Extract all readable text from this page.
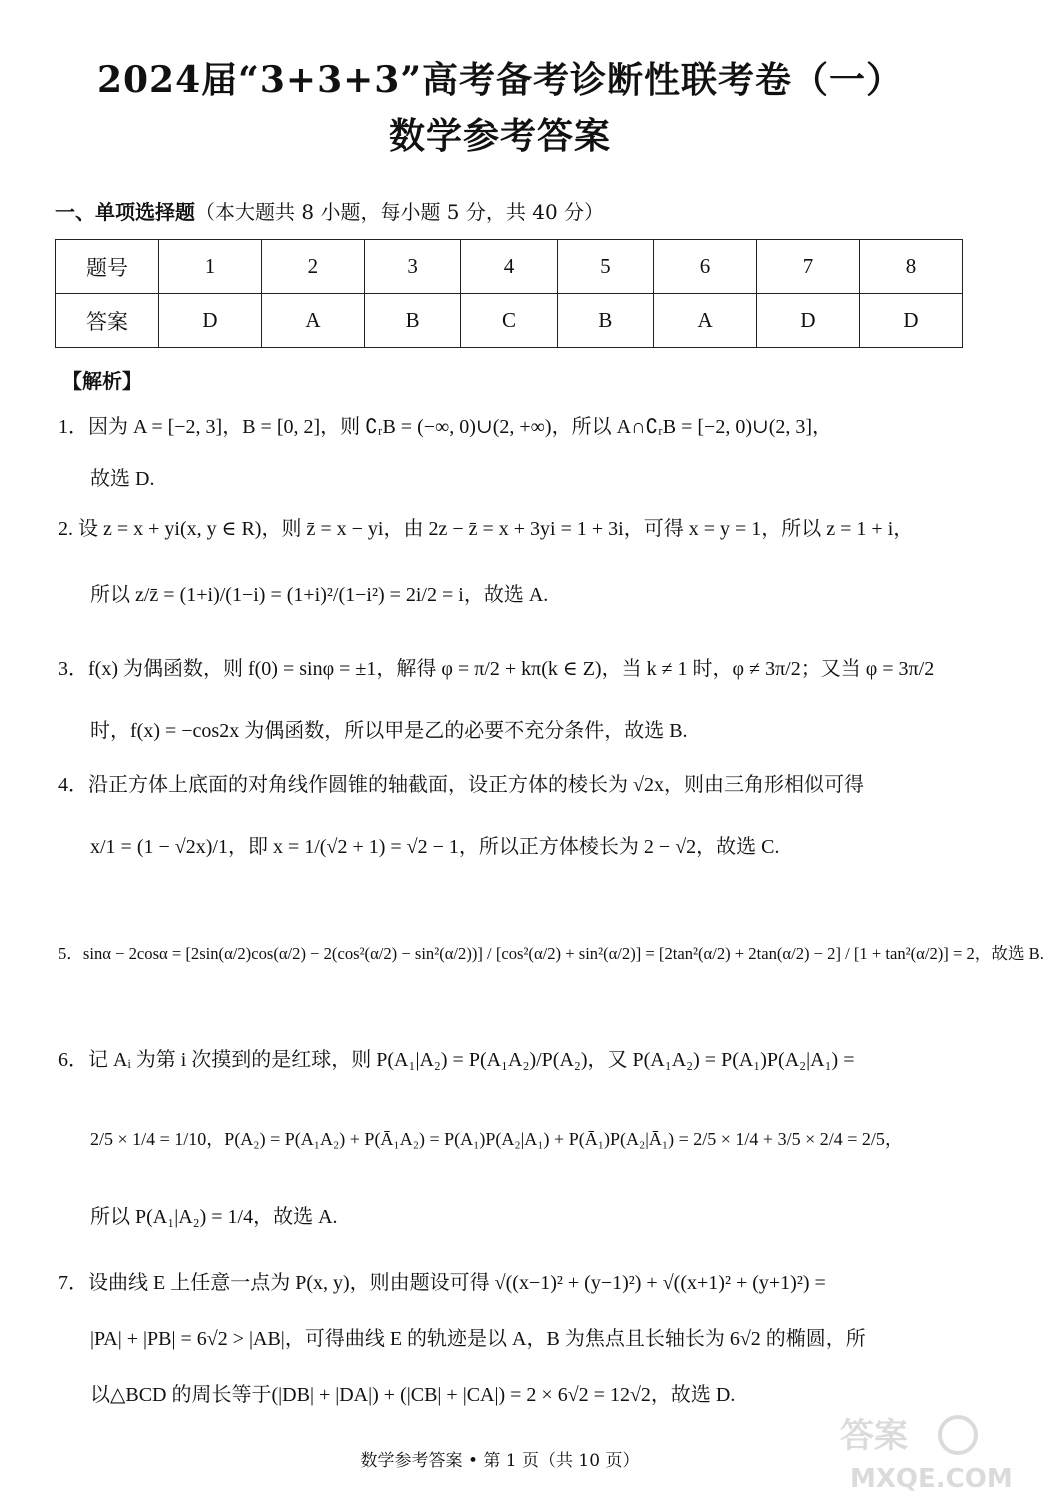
2024届“3+3+3”高考备考诊断性联考卷（一）
数学参考答案
一、单项选择题（本大题共 8 小题，每小题 5 分，共 40 分）
题号	1	2	3	4	5	6	7	8
答案	D	A	B	C	B	A	D	D
【解析】
1．因为 A = [−2, 3]，B = [0, 2]，则 ∁ᵣB = (−∞, 0)∪(2, +∞)，所以 A∩∁ᵣB = [−2, 0)∪(2, 3]，
故选 D.
2. 设 z = x + yi(x, y ∈ R)，则 z̄ = x − yi，由 2z − z̄ = x + 3yi = 1 + 3i，可得 x = y = 1，所以 z = 1 + i，
所以 z/z̄ = (1+i)/(1−i) = (1+i)²/(1−i²) = 2i/2 = i，故选 A.
3．f(x) 为偶函数，则 f(0) = sinφ = ±1，解得 φ = π/2 + kπ(k ∈ Z)，当 k ≠ 1 时，φ ≠ 3π/2；又当 φ = 3π/2
时，f(x) = −cos2x 为偶函数，所以甲是乙的必要不充分条件，故选 B.
4．沿正方体上底面的对角线作圆锥的轴截面，设正方体的棱长为 √2x，则由三角形相似可得
x/1 = (1 − √2x)/1，即 x = 1/(√2 + 1) = √2 − 1，所以正方体棱长为 2 − √2，故选 C.
5．sinα − 2cosα = [2sin(α/2)cos(α/2) − 2(cos²(α/2) − sin²(α/2))] / [cos²(α/2) + sin²(α/2)] = [2tan²(α/2) + 2tan(α/2) − 2] / [1 + tan²(α/2)] = 2，故选 B.
6．记 Aᵢ 为第 i 次摸到的是红球，则 P(A₁|A₂) = P(A₁A₂)/P(A₂)，又 P(A₁A₂) = P(A₁)P(A₂|A₁) =
2/5 × 1/4 = 1/10，P(A₂) = P(A₁A₂) + P(Ā₁A₂) = P(A₁)P(A₂|A₁) + P(Ā₁)P(A₂|Ā₁) = 2/5 × 1/4 + 3/5 × 2/4 = 2/5，
所以 P(A₁|A₂) = 1/4，故选 A.
7．设曲线 E 上任意一点为 P(x, y)，则由题设可得 √((x−1)² + (y−1)²) + √((x+1)² + (y+1)²) =
|PA| + |PB| = 6√2 > |AB|，可得曲线 E 的轨迹是以 A，B 为焦点且长轴长为 6√2 的椭圆，所
以△BCD 的周长等于(|DB| + |DA|) + (|CB| + |CA|) = 2 × 6√2 = 12√2，故选 D.
数学参考答案 • 第 1 页（共 10 页）
答案
MXQE.COM
